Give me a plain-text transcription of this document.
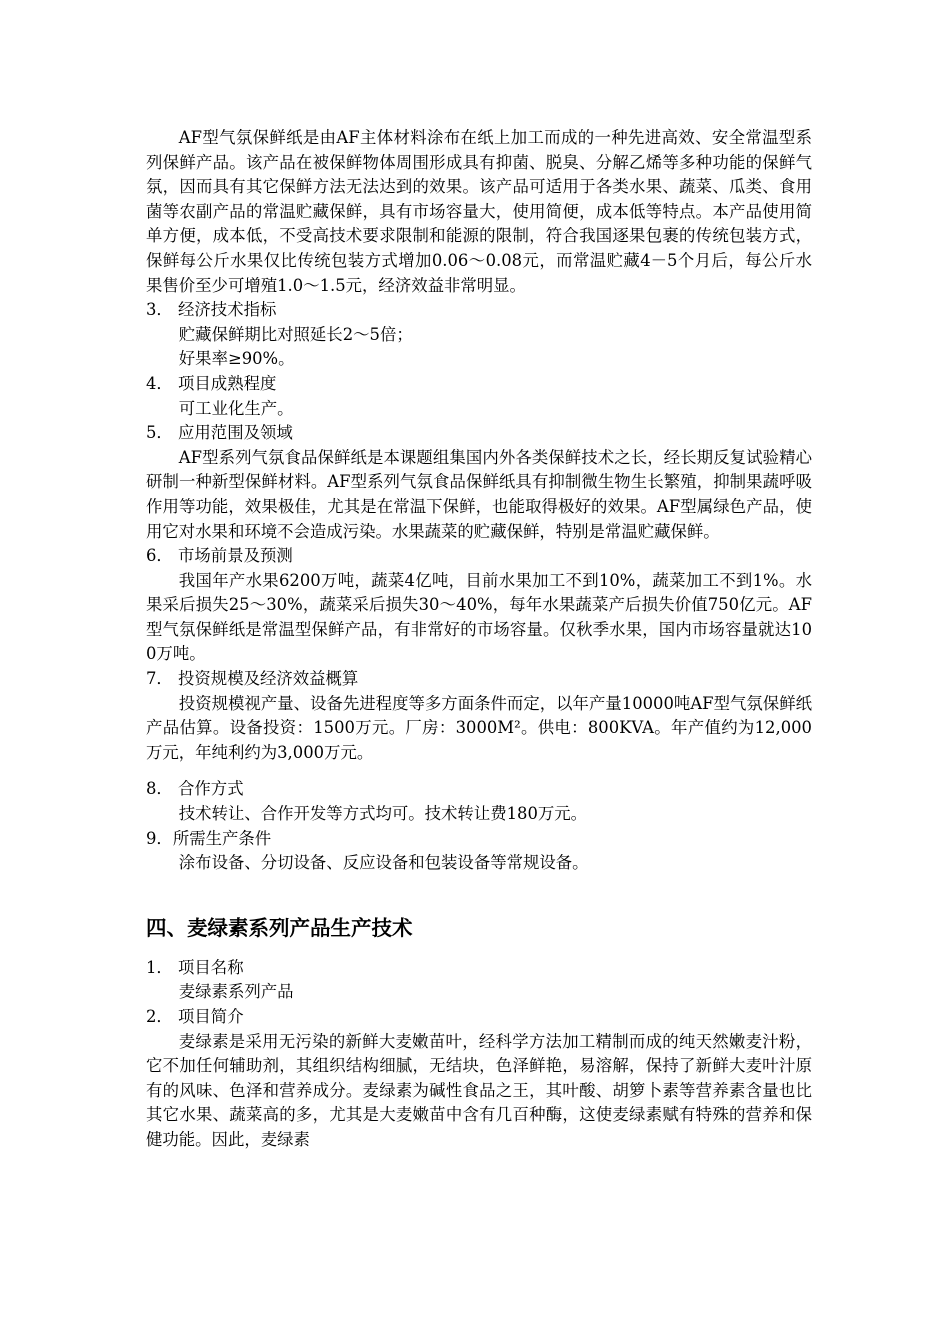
AF型气氛保鲜纸是由AF主体材料涂布在纸上加工而成的一种先进高效、安全常温型系列保鲜产品。该产品在被保鲜物体周围形成具有抑菌、脱臭、分解乙烯等多种功能的保鲜气氛，因而具有其它保鲜方法无法达到的效果。该产品可适用于各类水果、蔬菜、瓜类、食用菌等农副产品的常温贮藏保鲜，具有市场容量大，使用简便，成本低等特点。本产品使用简单方便，成本低，不受高技术要求限制和能源的限制，符合我国逐果包裹的传统包装方式，保鲜每公斤水果仅比传统包装方式增加0.06～0.08元，而常温贮藏4－5个月后，每公斤水果售价至少可增殖1.0～1.5元，经济效益非常明显。

3． 经济技术指标

贮藏保鲜期比对照延长2～5倍；

好果率≥90%。

4． 项目成熟程度

可工业化生产。

5． 应用范围及领域

AF型系列气氛食品保鲜纸是本课题组集国内外各类保鲜技术之长，经长期反复试验精心研制一种新型保鲜材料。AF型系列气氛食品保鲜纸具有抑制微生物生长繁殖，抑制果蔬呼吸作用等功能，效果极佳，尤其是在常温下保鲜，也能取得极好的效果。AF型属绿色产品，使用它对水果和环境不会造成污染。水果蔬菜的贮藏保鲜，特别是常温贮藏保鲜。

6． 市场前景及预测

我国年产水果6200万吨，蔬菜4亿吨，目前水果加工不到10%，蔬菜加工不到1%。水果采后损失25～30%，蔬菜采后损失30～40%，每年水果蔬菜产后损失价值750亿元。AF型气氛保鲜纸是常温型保鲜产品，有非常好的市场容量。仅秋季水果，国内市场容量就达100万吨。

7． 投资规模及经济效益概算

投资规模视产量、设备先进程度等多方面条件而定，以年产量10000吨AF型气氛保鲜纸产品估算。设备投资：1500万元。厂房：3000M²。供电：800KVA。年产值约为12,000万元，年纯利约为3,000万元。

8． 合作方式

技术转让、合作开发等方式均可。技术转让费180万元。

9．所需生产条件

涂布设备、分切设备、反应设备和包装设备等常规设备。

四、麦绿素系列产品生产技术

1． 项目名称

麦绿素系列产品

2． 项目简介

麦绿素是采用无污染的新鲜大麦嫩苗叶，经科学方法加工精制而成的纯天然嫩麦汁粉，它不加任何辅助剂，其组织结构细腻，无结块，色泽鲜艳，易溶解，保持了新鲜大麦叶汁原有的风味、色泽和营养成分。麦绿素为碱性食品之王，其叶酸、胡箩卜素等营养素含量也比其它水果、蔬菜高的多，尤其是大麦嫩苗中含有几百种酶，这使麦绿素赋有特殊的营养和保健功能。因此，麦绿素
